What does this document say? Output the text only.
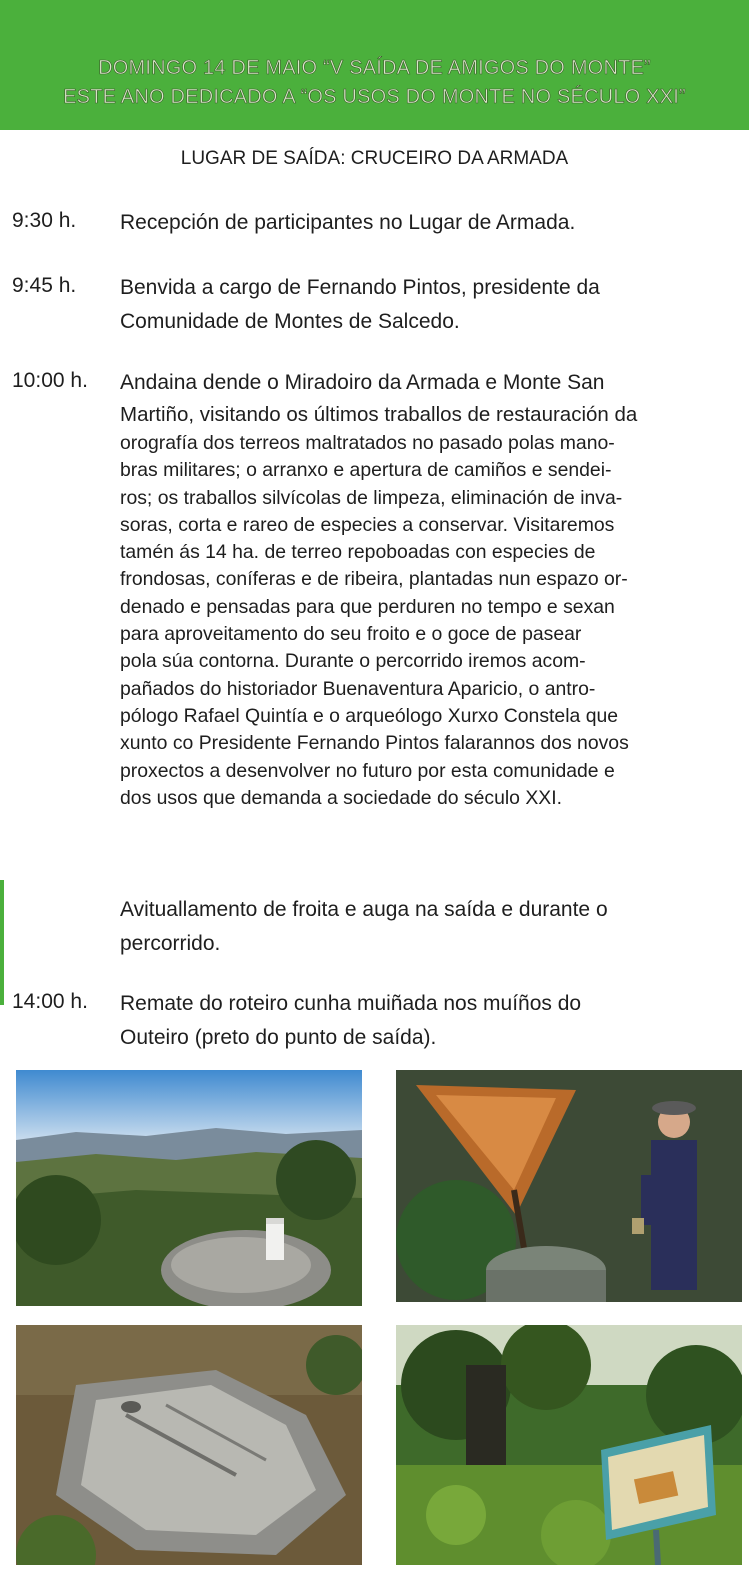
DOMINGO 14 DE MAIO “V SAÍDA DE AMIGOS DO MONTE”
ESTE ANO DEDICADO A “OS USOS DO MONTE NO SÉCULO XXI”
LUGAR DE SAÍDA: CRUCEIRO DA ARMADA
9:30 h. Recepción de participantes no Lugar de Armada.
9:45 h. Benvida a cargo de Fernando Pintos, presidente da
Comunidade de Montes de Salcedo.
10:00 h. Andaina dende o Miradoiro da Armada e Monte San
Martiño, visitando os últimos traballos de restauración da
orografía dos terreos maltratados no pasado polas mano-
bras militares; o arranxo e apertura de camiños e sendei-
ros; os traballos silvícolas de limpeza, eliminación de inva-
soras, corta e rareo de especies a conservar. Visitaremos
tamén ás 14 ha. de terreo repoboadas con especies de
frondosas, coníferas e de ribeira, plantadas nun espazo or-
denado e pensadas para que perduren no tempo e sexan
para aproveitamento do seu froito e o goce de pasear
pola súa contorna. Durante o percorrido iremos acom-
pañados do historiador Buenaventura Aparicio, o antro-
pólogo Rafael Quintía e o arqueólogo Xurxo Constela que
xunto co Presidente Fernando Pintos falarannos dos novos
proxectos a desenvolver no futuro por esta comunidade e
dos usos que demanda a sociedade do século XXI.
Avituallamento de froita e auga na saída e durante o
percorrido.
14:00 h. Remate do roteiro cunha muiñada nos muíños do
Outeiro (preto do punto de saída).
